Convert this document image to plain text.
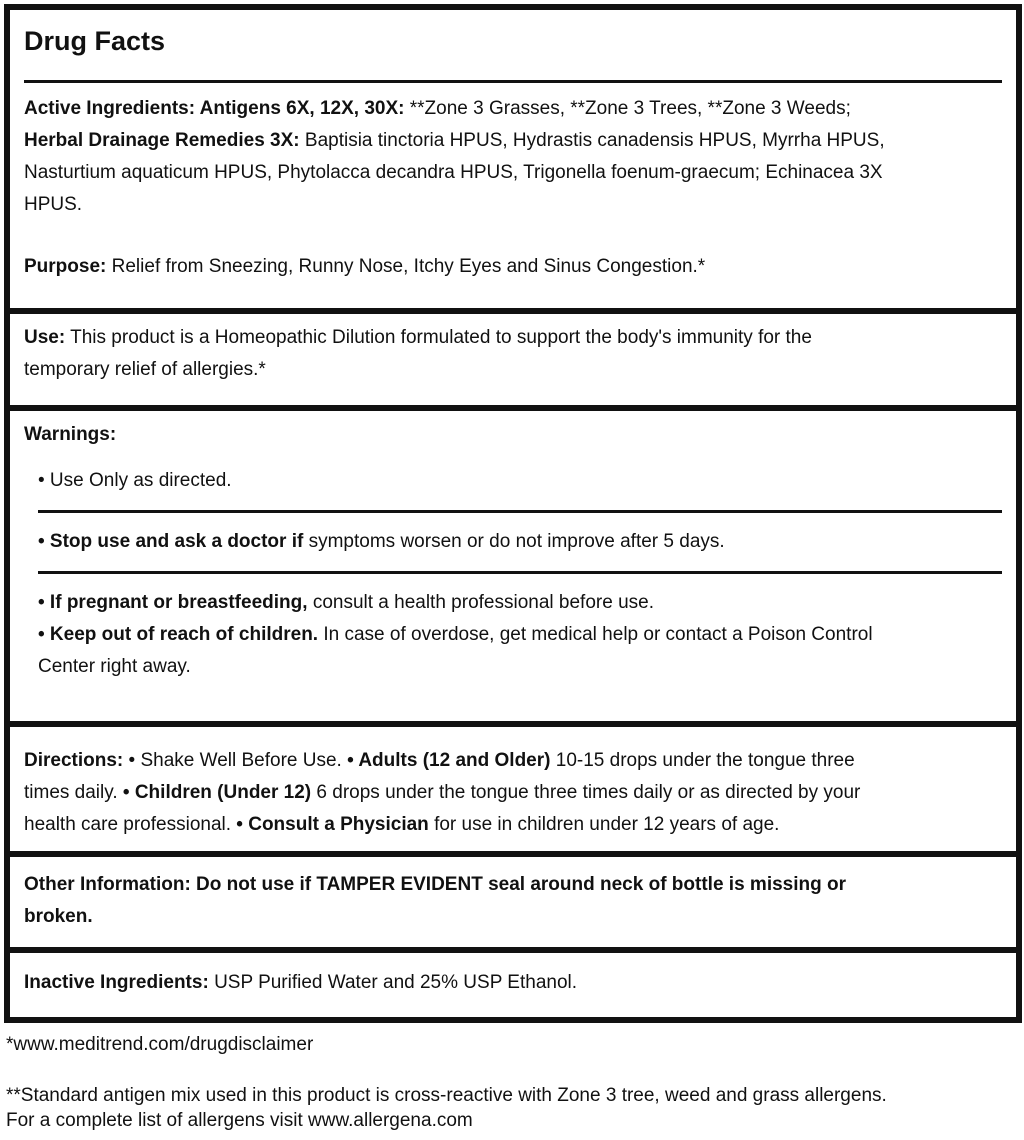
Drug Facts
Active Ingredients: Antigens 6X, 12X, 30X: **Zone 3 Grasses, **Zone 3 Trees, **Zone 3 Weeds;
Herbal Drainage Remedies 3X: Baptisia tinctoria HPUS, Hydrastis canadensis HPUS, Myrrha HPUS,
Nasturtium aquaticum HPUS, Phytolacca decandra HPUS, Trigonella foenum-graecum; Echinacea 3X
HPUS.
Purpose: Relief from Sneezing, Runny Nose, Itchy Eyes and Sinus Congestion.*
Use: This product is a Homeopathic Dilution formulated to support the body's immunity for the
temporary relief of allergies.*
Warnings:
• Use Only as directed.
• Stop use and ask a doctor if symptoms worsen or do not improve after 5 days.
• If pregnant or breastfeeding, consult a health professional before use.
• Keep out of reach of children. In case of overdose, get medical help or contact a Poison Control
Center right away.
Directions: • Shake Well Before Use. • Adults (12 and Older) 10-15 drops under the tongue three
times daily. • Children (Under 12) 6 drops under the tongue three times daily or as directed by your
health care professional. • Consult a Physician for use in children under 12 years of age.
Other Information: Do not use if TAMPER EVIDENT seal around neck of bottle is missing or
broken.
Inactive Ingredients: USP Purified Water and 25% USP Ethanol.
*www.meditrend.com/drugdisclaimer
**Standard antigen mix used in this product is cross-reactive with Zone 3 tree, weed and grass allergens.
For a complete list of allergens visit www.allergena.com
